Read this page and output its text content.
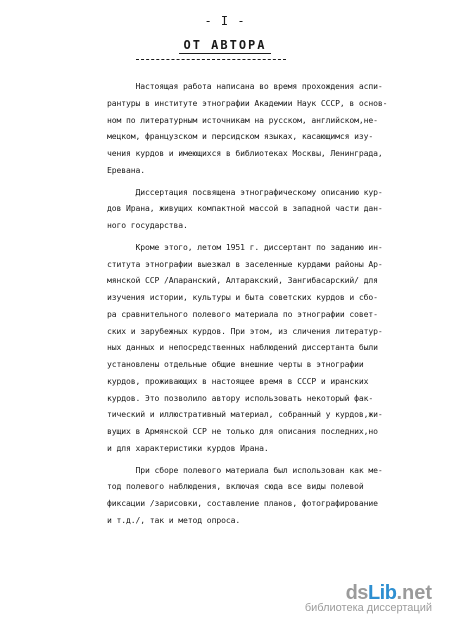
- I -
ОТ АВТОРА
Настоящая работа написана во время прохождения аспи-
рантуры в институте этнографии Академии Наук СССР, в основ-
ном по литературным источникам на русском, английском,не-
мецком, французском и персидском языках, касающимся изу-
чения курдов и имеющихся в библиотеках Москвы, Ленинграда,
Еревана.
Диссертация посвящена этнографическому описанию кур-
дов Ирана, живущих компактной массой в западной части дан-
ного государства.
Кроме этого, летом 1951 г. диссертант по заданию ин-
ститута этнографии выезжал в заселенные курдами районы Ар-
мянской ССР /Апаранский, Алтаракский, Зангибасарский/ для
изучения истории, культуры и быта советских курдов и сбо-
ра сравнительного полевого материала по этнографии совет-
ских и зарубежных курдов. При этом, из сличения литератур-
ных данных и непосредственных наблюдений диссертанта были
установлены отдельные общие внешние черты в этнографии
курдов, проживающих в настоящее время в СССР и иранских
курдов. Это позволило автору использовать некоторый фак-
тический и иллюстративный материал, собранный у курдов,жи-
вущих в Армянской ССР не только для описания последних,но
и для характеристики курдов Ирана.
При сборе полевого материала был использован как ме-
тод полевого наблюдения, включая сюда все виды полевой
фиксации /зарисовки, составление планов, фотографирование
и т.д./, так и метод опроса.
ds Lib .net
библиотека диссертаций
